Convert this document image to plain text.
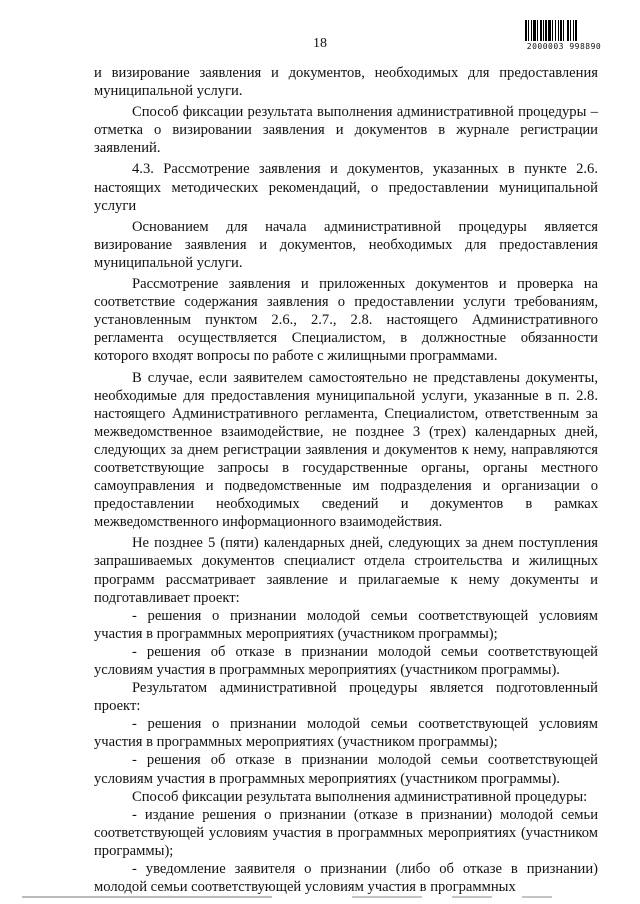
18	2000003 998890

и визирование заявления и документов, необходимых для предоставления муниципальной услуги.

Способ фиксации результата выполнения административной процедуры – отметка о визировании заявления и документов в журнале регистрации заявлений.

4.3. Рассмотрение заявления и документов, указанных в пункте 2.6. настоящих методических рекомендаций, о предоставлении муниципальной услуги

Основанием для начала административной процедуры является визирование заявления и документов, необходимых для предоставления муниципальной услуги.

Рассмотрение заявления и приложенных документов и проверка на соответствие содержания заявления о предоставлении услуги требованиям, установленным пунктом 2.6., 2.7., 2.8. настоящего Административного регламента осуществляется Специалистом, в должностные обязанности которого входят вопросы по работе с жилищными программами.

В случае, если заявителем самостоятельно не представлены документы, необходимые для предоставления муниципальной услуги, указанные в п. 2.8. настоящего Административного регламента, Специалистом, ответственным за межведомственное взаимодействие, не позднее 3 (трех) календарных дней, следующих за днем регистрации заявления и документов к нему, направляются соответствующие запросы в государственные органы, органы местного самоуправления и подведомственные им подразделения и организации о предоставлении необходимых сведений и документов в рамках межведомственного информационного взаимодействия.

Не позднее 5 (пяти) календарных дней, следующих за днем поступления запрашиваемых документов специалист отдела строительства и жилищных программ рассматривает заявление и прилагаемые к нему документы и подготавливает проект:

- решения о признании молодой семьи соответствующей условиям участия в программных мероприятиях (участником программы);

- решения об отказе в признании молодой семьи соответствующей условиям участия в программных мероприятиях (участником программы).

Результатом административной процедуры является подготовленный проект:

- решения о признании молодой семьи соответствующей условиям участия в программных мероприятиях (участником программы);

- решения об отказе в признании молодой семьи соответствующей условиям участия в программных мероприятиях (участником программы).

Способ фиксации результата выполнения административной процедуры:

- издание решения о признании (отказе в признании) молодой семьи соответствующей условиям участия в программных мероприятиях (участником программы);

- уведомление заявителя о признании (либо об отказе в признании) молодой семьи соответствующей условиям участия в программных
